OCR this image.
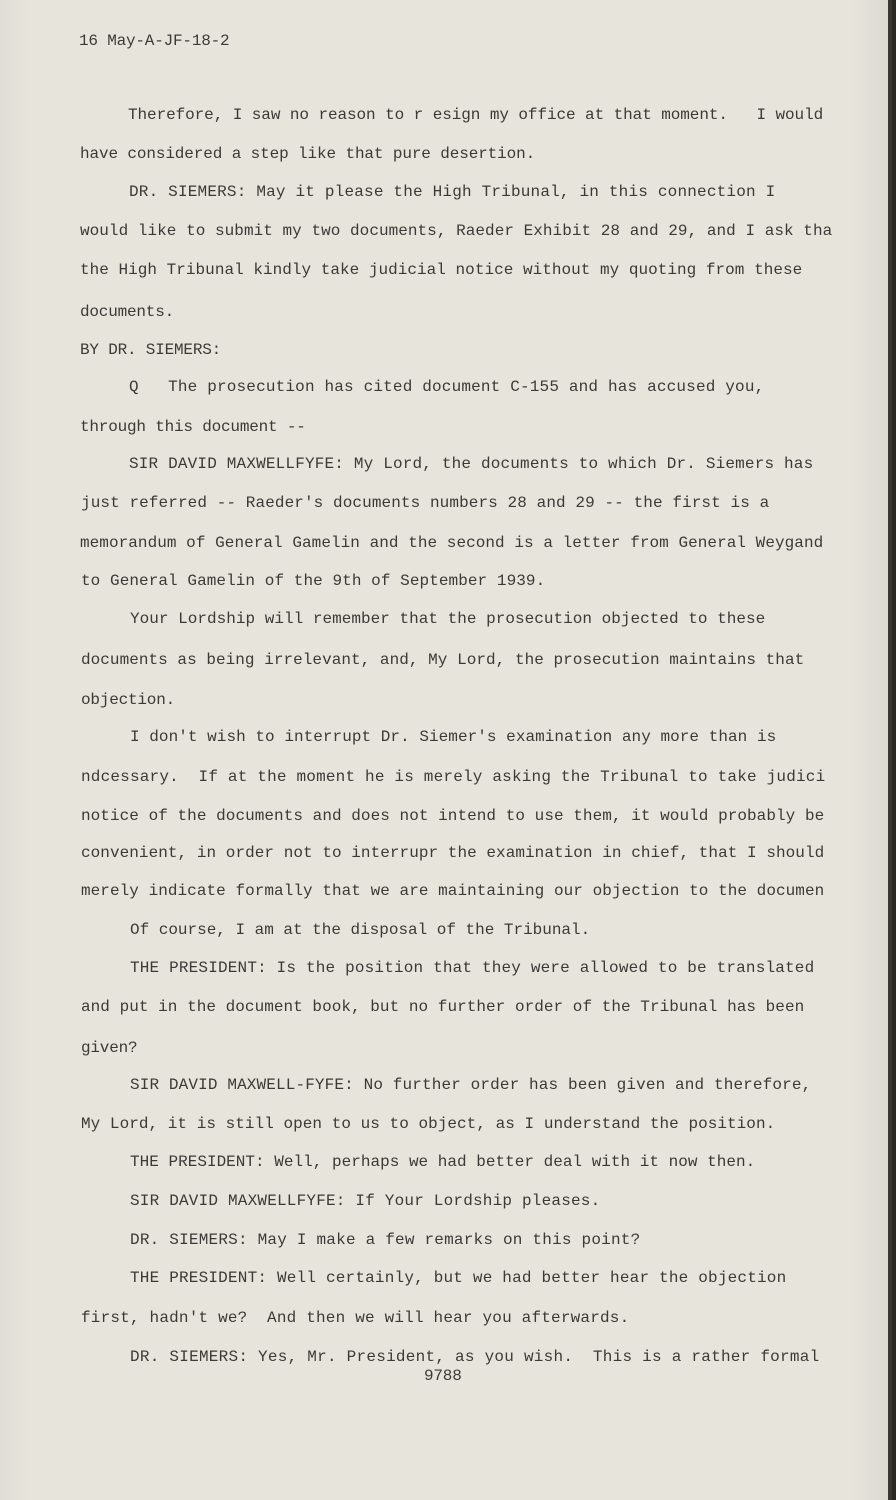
16 May-A-JF-18-2
Therefore, I saw no reason to r esign my office at that moment.   I would
have considered a step like that pure desertion.
DR. SIEMERS: May it please the High Tribunal, in this connection I
would like to submit my two documents, Raeder Exhibit 28 and 29, and I ask tha
the High Tribunal kindly take judicial notice without my quoting from these
documents.
BY DR. SIEMERS:
Q   The prosecution has cited document C-155 and has accused you,
through this document --
SIR DAVID MAXWELLFYFE: My Lord, the documents to which Dr. Siemers has
just referred -- Raeder's documents numbers 28 and 29 -- the first is a
memorandum of General Gamelin and the second is a letter from General Weygand
to General Gamelin of the 9th of September 1939.
Your Lordship will remember that the prosecution objected to these
documents as being irrelevant, and, My Lord, the prosecution maintains that
objection.
I don't wish to interrupt Dr. Siemer's examination any more than is
ndcessary.  If at the moment he is merely asking the Tribunal to take judici
notice of the documents and does not intend to use them, it would probably be
convenient, in order not to interrupr the examination in chief, that I should
merely indicate formally that we are maintaining our objection to the documen
Of course, I am at the disposal of the Tribunal.
THE PRESIDENT: Is the position that they were allowed to be translated
and put in the document book, but no further order of the Tribunal has been
given?
SIR DAVID MAXWELL-FYFE: No further order has been given and therefore,
My Lord, it is still open to us to object, as I understand the position.
THE PRESIDENT: Well, perhaps we had better deal with it now then.
SIR DAVID MAXWELLFYFE: If Your Lordship pleases.
DR. SIEMERS: May I make a few remarks on this point?
THE PRESIDENT: Well certainly, but we had better hear the objection
first, hadn't we?  And then we will hear you afterwards.
DR. SIEMERS: Yes, Mr. President, as you wish.  This is a rather formal
9788
